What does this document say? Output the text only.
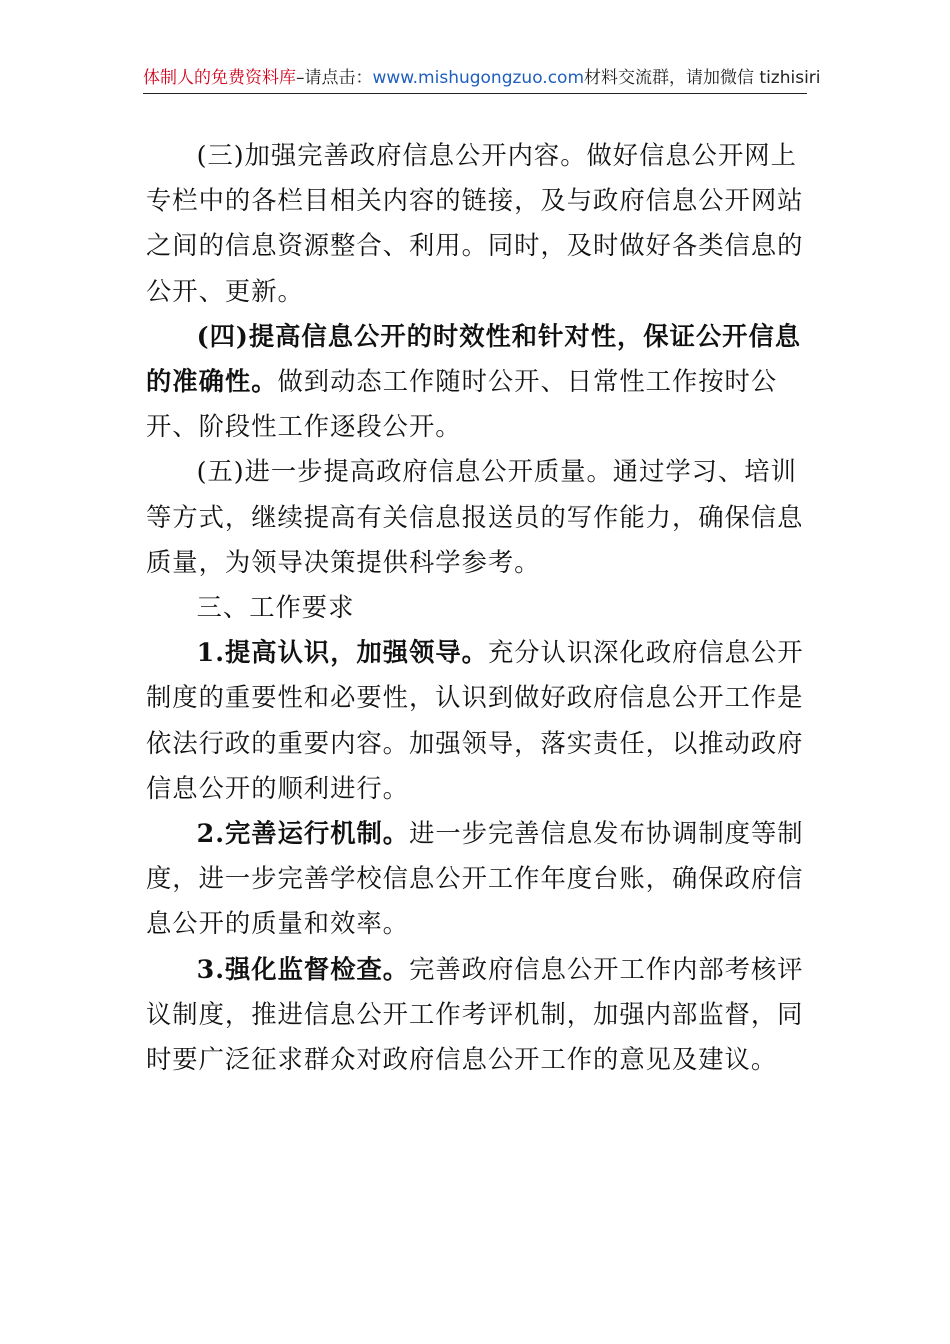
体制人的免费资料库–请点击：www.mishugongzuo.com材料交流群，请加微信 tizhisiri

(三)加强完善政府信息公开内容。做好信息公开网上专栏中的各栏目相关内容的链接，及与政府信息公开网站之间的信息资源整合、利用。同时，及时做好各类信息的公开、更新。

(四)提高信息公开的时效性和针对性，保证公开信息的准确性。做到动态工作随时公开、日常性工作按时公开、阶段性工作逐段公开。

(五)进一步提高政府信息公开质量。通过学习、培训等方式，继续提高有关信息报送员的写作能力，确保信息质量，为领导决策提供科学参考。

三、工作要求

1.提高认识，加强领导。充分认识深化政府信息公开制度的重要性和必要性，认识到做好政府信息公开工作是依法行政的重要内容。加强领导，落实责任，以推动政府信息公开的顺利进行。

2.完善运行机制。进一步完善信息发布协调制度等制度，进一步完善学校信息公开工作年度台账，确保政府信息公开的质量和效率。

3.强化监督检查。完善政府信息公开工作内部考核评议制度，推进信息公开工作考评机制，加强内部监督，同时要广泛征求群众对政府信息公开工作的意见及建议。
